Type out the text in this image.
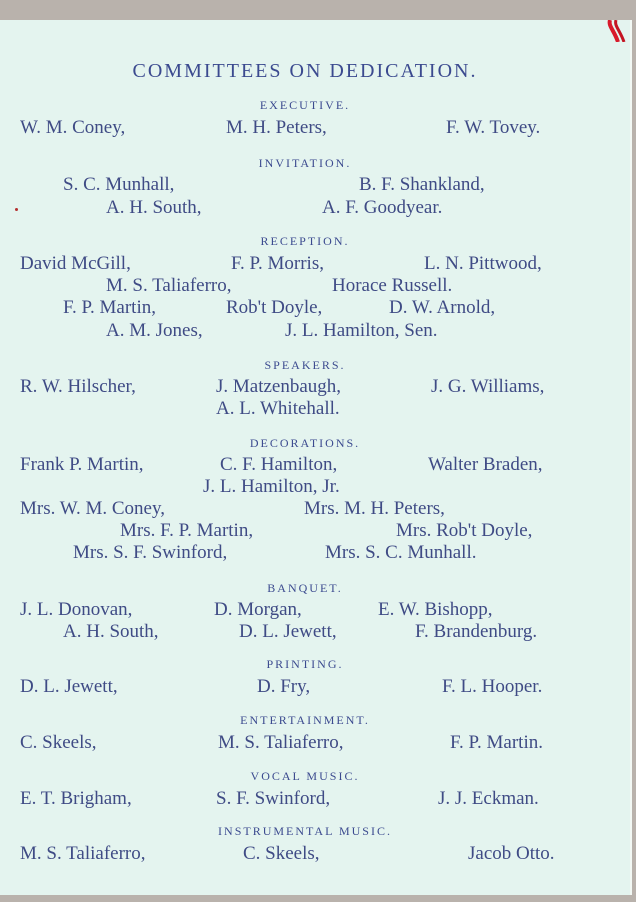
COMMITTEES ON DEDICATION.
EXECUTIVE.
W. M. Coney,	M. H. Peters,	F. W. Tovey.
INVITATION.
S. C. Munhall,	B. F. Shankland,
A. H. South,	A. F. Goodyear.
RECEPTION.
David McGill,	F. P. Morris,	L. N. Pittwood,
M. S. Taliaferro,	Horace Russell.
F. P. Martin,	Rob't Doyle,	D. W. Arnold,
A. M. Jones,	J. L. Hamilton, Sen.
SPEAKERS.
R. W. Hilscher,	J. Matzenbaugh,	J. G. Williams,
A. L. Whitehall.
DECORATIONS.
Frank P. Martin,	C. F. Hamilton,	Walter Braden,
J. L. Hamilton, Jr.
Mrs. W. M. Coney,	Mrs. M. H. Peters,
Mrs. F. P. Martin,	Mrs. Rob't Doyle,
Mrs. S. F. Swinford,	Mrs. S. C. Munhall.
BANQUET.
J. L. Donovan,	D. Morgan,	E. W. Bishopp,
A. H. South,	D. L. Jewett,	F. Brandenburg.
PRINTING.
D. L. Jewett,	D. Fry,	F. L. Hooper.
ENTERTAINMENT.
C. Skeels,	M. S. Taliaferro,	F. P. Martin.
VOCAL MUSIC.
E. T. Brigham,	S. F. Swinford,	J. J. Eckman.
INSTRUMENTAL MUSIC.
M. S. Taliaferro,	C. Skeels,	Jacob Otto.
